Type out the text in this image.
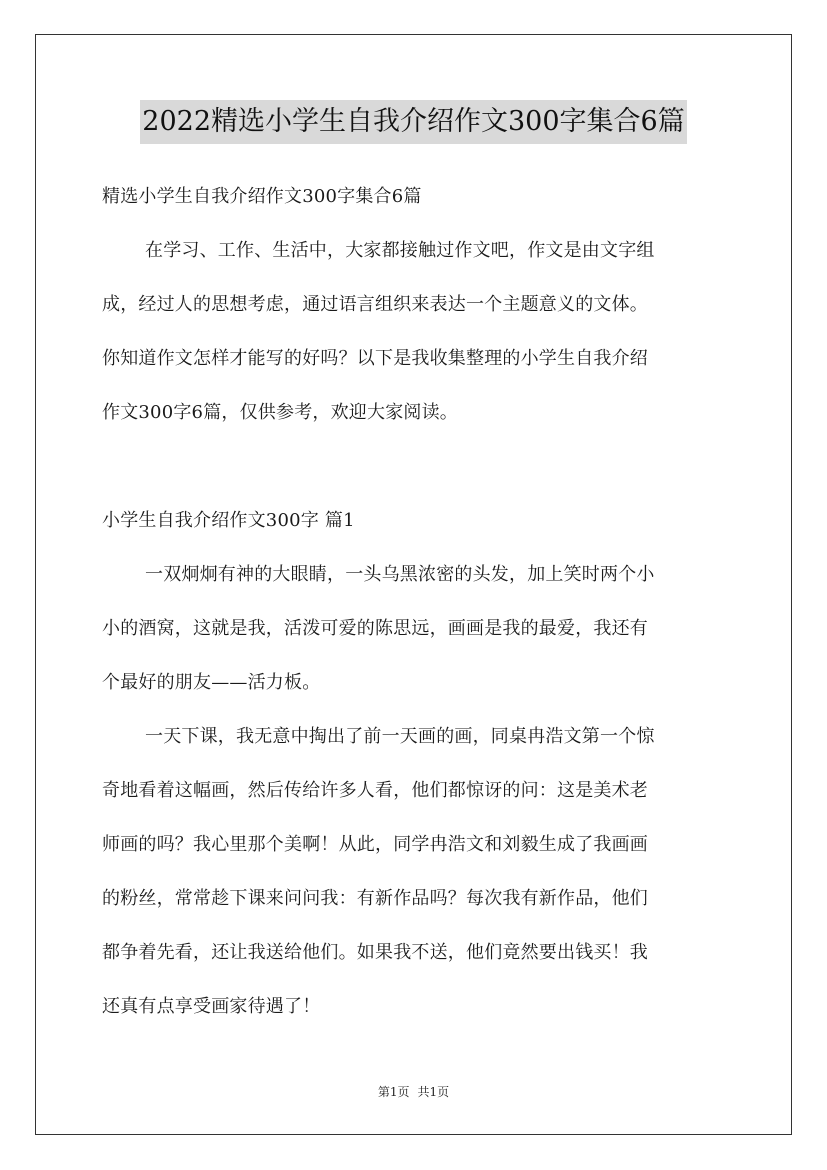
2022精选小学生自我介绍作文300字集合6篇
精选小学生自我介绍作文300字集合6篇
在学习、工作、生活中，大家都接触过作文吧，作文是由文字组
成，经过人的思想考虑，通过语言组织来表达一个主题意义的文体。
你知道作文怎样才能写的好吗？以下是我收集整理的小学生自我介绍
作文300字6篇，仅供参考，欢迎大家阅读。
小学生自我介绍作文300字 篇1
一双炯炯有神的大眼睛，一头乌黑浓密的头发，加上笑时两个小
小的酒窝，这就是我，活泼可爱的陈思远，画画是我的最爱，我还有
个最好的朋友——活力板。
一天下课，我无意中掏出了前一天画的画，同桌冉浩文第一个惊
奇地看着这幅画，然后传给许多人看，他们都惊讶的问：这是美术老
师画的吗？我心里那个美啊！从此，同学冉浩文和刘毅生成了我画画
的粉丝，常常趁下课来问问我：有新作品吗？每次我有新作品，他们
都争着先看，还让我送给他们。如果我不送，他们竟然要出钱买！我
还真有点享受画家待遇了！
第1页 共1页
